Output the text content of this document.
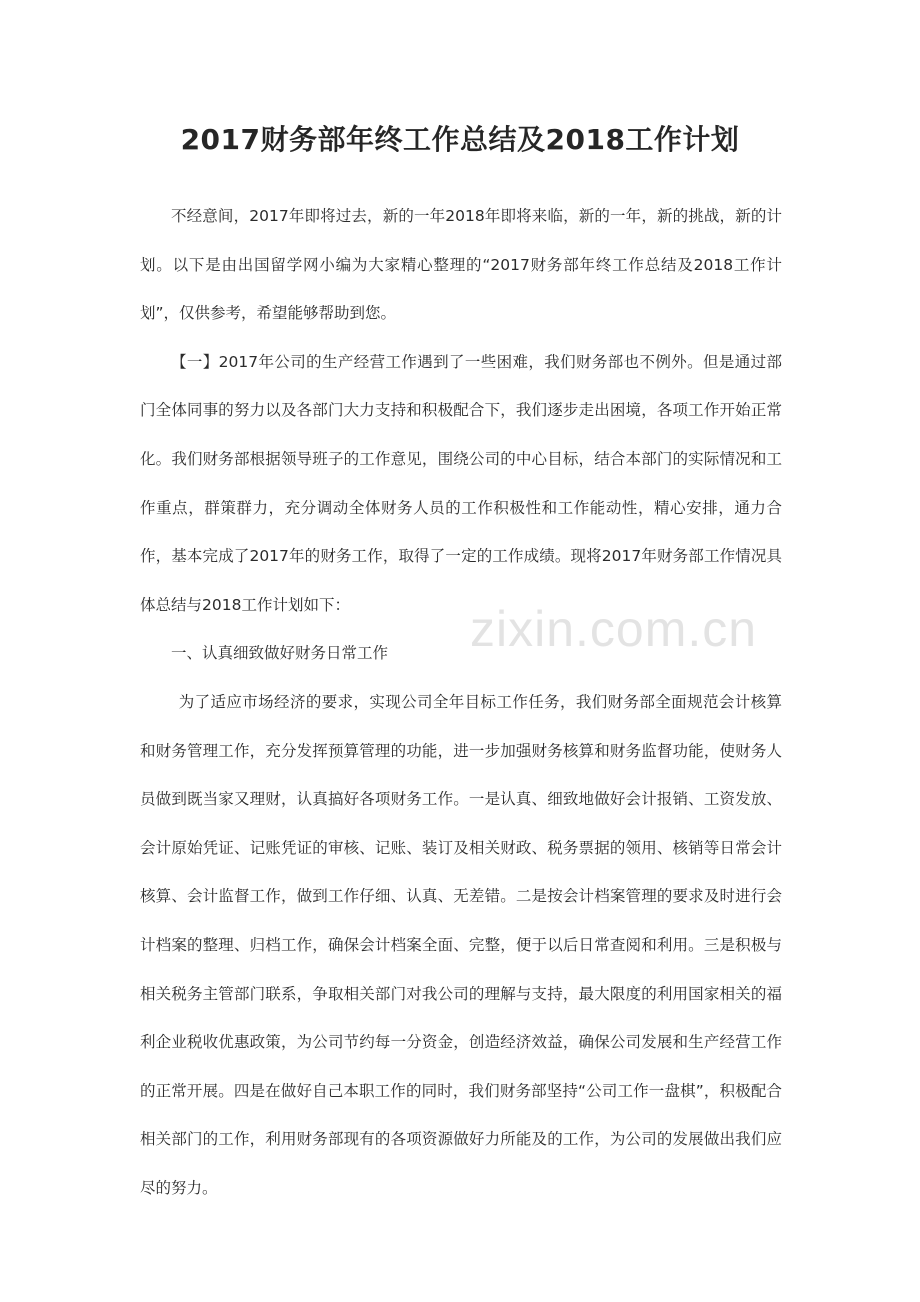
2017财务部年终工作总结及2018工作计划

不经意间，2017年即将过去，新的一年2018年即将来临，新的一年，新的挑战，新的计划。以下是由出国留学网小编为大家精心整理的“2017财务部年终工作总结及2018工作计划”，仅供参考，希望能够帮助到您。

【一】2017年公司的生产经营工作遇到了一些困难，我们财务部也不例外。但是通过部门全体同事的努力以及各部门大力支持和积极配合下，我们逐步走出困境，各项工作开始正常化。我们财务部根据领导班子的工作意见，围绕公司的中心目标，结合本部门的实际情况和工作重点，群策群力，充分调动全体财务人员的工作积极性和工作能动性，精心安排，通力合作，基本完成了2017年的财务工作，取得了一定的工作成绩。现将2017年财务部工作情况具体总结与2018工作计划如下：

一、认真细致做好财务日常工作

为了适应市场经济的要求，实现公司全年目标工作任务，我们财务部全面规范会计核算和财务管理工作，充分发挥预算管理的功能，进一步加强财务核算和财务监督功能，使财务人员做到既当家又理财，认真搞好各项财务工作。一是认真、细致地做好会计报销、工资发放、会计原始凭证、记账凭证的审核、记账、装订及相关财政、税务票据的领用、核销等日常会计核算、会计监督工作，做到工作仔细、认真、无差错。二是按会计档案管理的要求及时进行会计档案的整理、归档工作，确保会计档案全面、完整，便于以后日常查阅和利用。三是积极与相关税务主管部门联系，争取相关部门对我公司的理解与支持，最大限度的利用国家相关的福利企业税收优惠政策，为公司节约每一分资金，创造经济效益，确保公司发展和生产经营工作的正常开展。四是在做好自己本职工作的同时，我们财务部坚持“公司工作一盘棋”，积极配合相关部门的工作，利用财务部现有的各项资源做好力所能及的工作，为公司的发展做出我们应尽的努力。

zixin.com.cn
